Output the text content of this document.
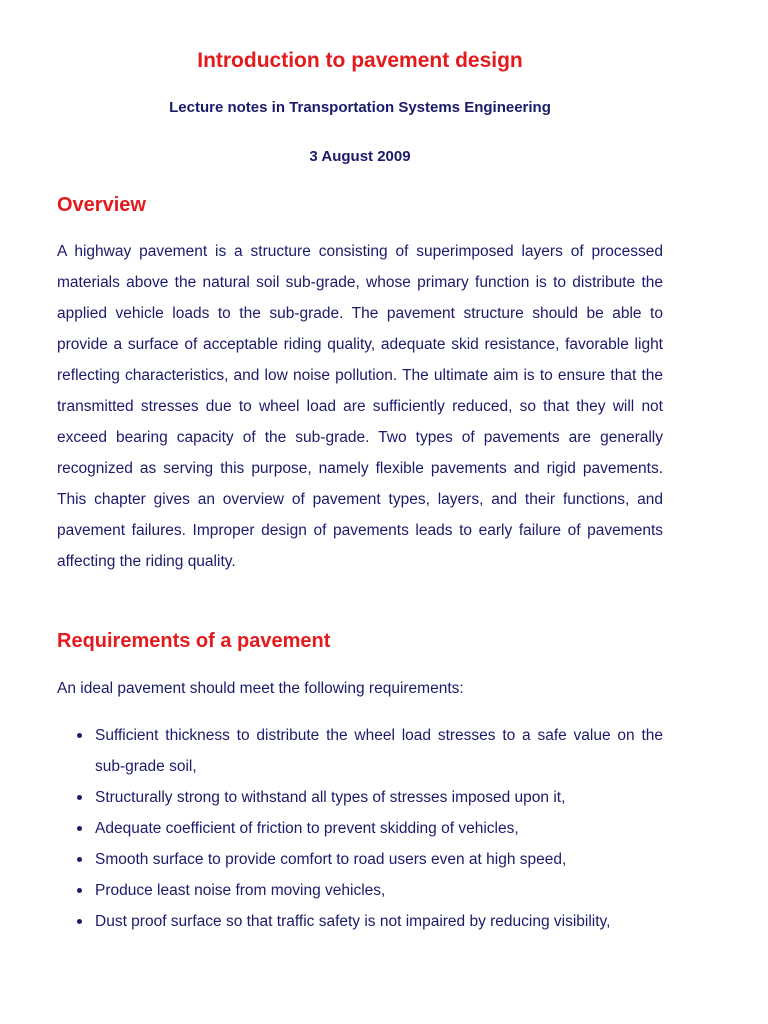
Introduction to pavement design

Lecture notes in Transportation Systems Engineering

3 August 2009

Overview

A highway pavement is a structure consisting of superimposed layers of processed materials above the natural soil sub-grade, whose primary function is to distribute the applied vehicle loads to the sub-grade. The pavement structure should be able to provide a surface of acceptable riding quality, adequate skid resistance, favorable light reflecting characteristics, and low noise pollution. The ultimate aim is to ensure that the transmitted stresses due to wheel load are sufficiently reduced, so that they will not exceed bearing capacity of the sub-grade. Two types of pavements are generally recognized as serving this purpose, namely flexible pavements and rigid pavements. This chapter gives an overview of pavement types, layers, and their functions, and pavement failures. Improper design of pavements leads to early failure of pavements affecting the riding quality.

Requirements of a pavement

An ideal pavement should meet the following requirements:

Sufficient thickness to distribute the wheel load stresses to a safe value on the sub-grade soil,
Structurally strong to withstand all types of stresses imposed upon it,
Adequate coefficient of friction to prevent skidding of vehicles,
Smooth surface to provide comfort to road users even at high speed,
Produce least noise from moving vehicles,
Dust proof surface so that traffic safety is not impaired by reducing visibility,
